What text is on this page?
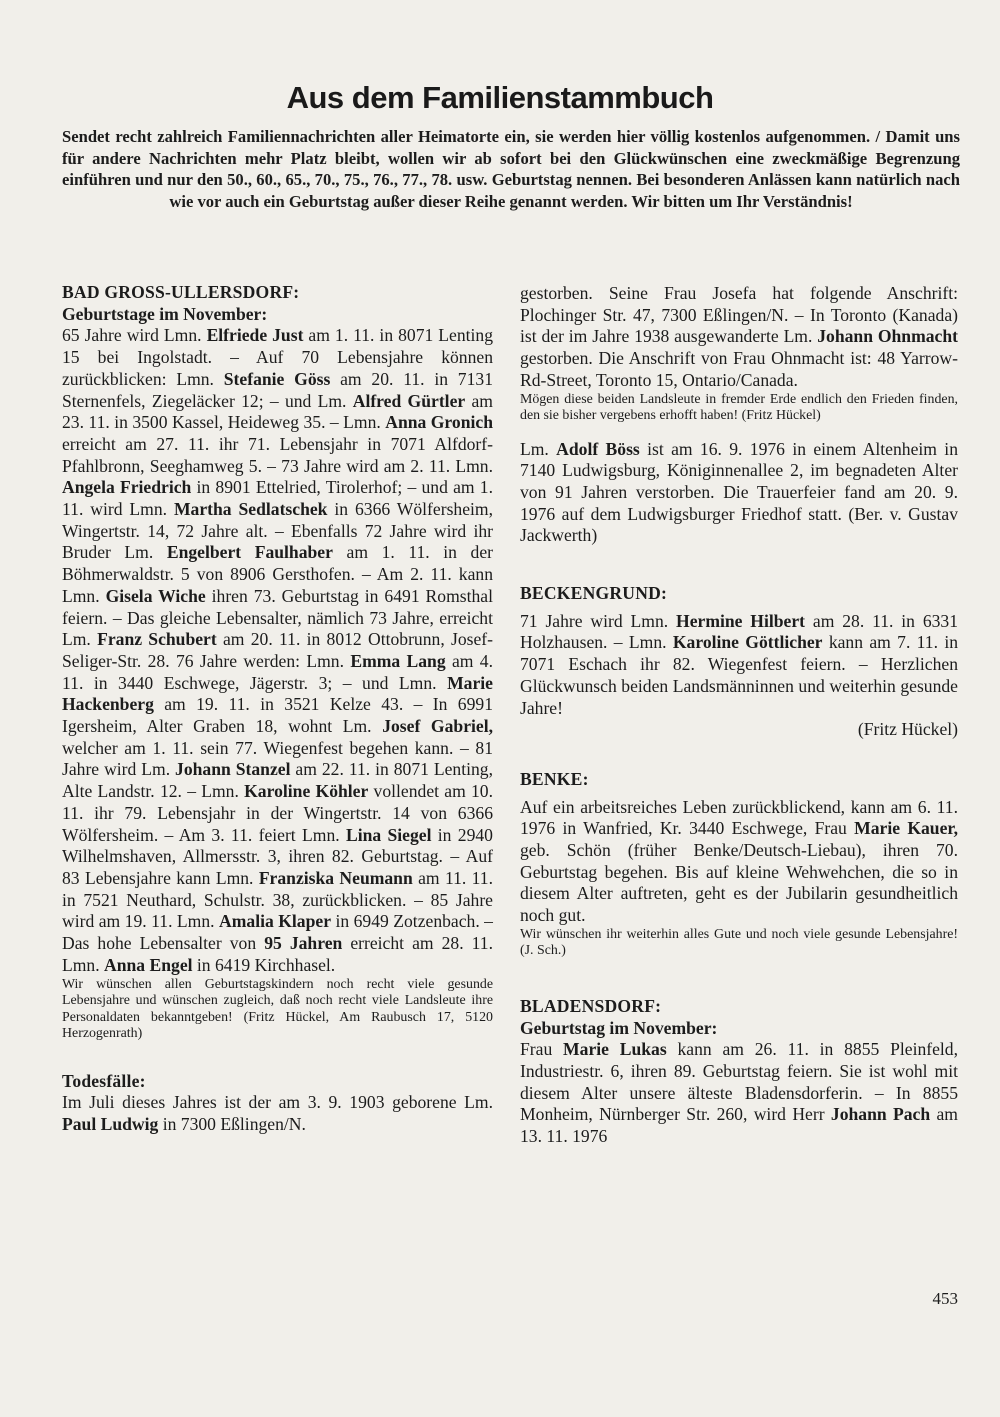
Aus dem Familienstammbuch

Sendet recht zahlreich Familiennachrichten aller Heimatorte ein, sie werden hier völlig kostenlos aufgenommen. / Damit uns für andere Nachrichten mehr Platz bleibt, wollen wir ab sofort bei den Glückwünschen eine zweckmäßige Begrenzung einführen und nur den 50., 60., 65., 70., 75., 76., 77., 78. usw. Geburtstag nennen. Bei besonderen Anlässen kann natürlich nach wie vor auch ein Geburtstag außer dieser Reihe genannt werden. Wir bitten um Ihr Verständnis!

BAD GROSS-ULLERSDORF:
Geburtstage im November:

65 Jahre wird Lmn. Elfriede Just am 1. 11. in 8071 Lenting 15 bei Ingolstadt. – Auf 70 Lebensjahre können zurückblicken: Lmn. Stefanie Göss am 20. 11. in 7131 Sternenfels, Ziegeläcker 12; – und Lm. Alfred Gürtler am 23. 11. in 3500 Kassel, Heideweg 35. – Lmn. Anna Gronich erreicht am 27. 11. ihr 71. Lebensjahr in 7071 Alfdorf-Pfahlbronn, Seeghamweg 5. – 73 Jahre wird am 2. 11. Lmn. Angela Friedrich in 8901 Ettelried, Tirolerhof; – und am 1. 11. wird Lmn. Martha Sedlatschek in 6366 Wölfersheim, Wingertstr. 14, 72 Jahre alt. – Ebenfalls 72 Jahre wird ihr Bruder Lm. Engelbert Faulhaber am 1. 11. in der Böhmerwaldstr. 5 von 8906 Gersthofen. – Am 2. 11. kann Lmn. Gisela Wiche ihren 73. Geburtstag in 6491 Romsthal feiern. – Das gleiche Lebensalter, nämlich 73 Jahre, erreicht Lm. Franz Schubert am 20. 11. in 8012 Ottobrunn, Josef-Seliger-Str. 28. 76 Jahre werden: Lmn. Emma Lang am 4. 11. in 3440 Eschwege, Jägerstr. 3; – und Lmn. Marie Hackenberg am 19. 11. in 3521 Kelze 43. – In 6991 Igersheim, Alter Graben 18, wohnt Lm. Josef Gabriel, welcher am 1. 11. sein 77. Wiegenfest begehen kann. – 81 Jahre wird Lm. Johann Stanzel am 22. 11. in 8071 Lenting, Alte Landstr. 12. – Lmn. Karoline Köhler vollendet am 10. 11. ihr 79. Lebensjahr in der Wingertstr. 14 von 6366 Wölfersheim. – Am 3. 11. feiert Lmn. Lina Siegel in 2940 Wilhelmshaven, Allmersstr. 3, ihren 82. Geburtstag. – Auf 83 Lebensjahre kann Lmn. Franziska Neumann am 11. 11. in 7521 Neuthard, Schulstr. 38, zurückblicken. – 85 Jahre wird am 19. 11. Lmn. Amalia Klaper in 6949 Zotzenbach. – Das hohe Lebensalter von 95 Jahren erreicht am 28. 11. Lmn. Anna Engel in 6419 Kirchhasel.

Wir wünschen allen Geburtstagskindern noch recht viele gesunde Lebensjahre und wünschen zugleich, daß noch recht viele Landsleute ihre Personaldaten bekanntgeben! (Fritz Hückel, Am Raubusch 17, 5120 Herzogenrath)

Todesfälle:

Im Juli dieses Jahres ist der am 3. 9. 1903 geborene Lm. Paul Ludwig in 7300 Eßlingen/N.

gestorben. Seine Frau Josefa hat folgende Anschrift: Plochinger Str. 47, 7300 Eßlingen/N. – In Toronto (Kanada) ist der im Jahre 1938 ausgewanderte Lm. Johann Ohnmacht gestorben. Die Anschrift von Frau Ohnmacht ist: 48 Yarrow-Rd-Street, Toronto 15, Ontario/Canada.

Mögen diese beiden Landsleute in fremder Erde endlich den Frieden finden, den sie bisher vergebens erhofft haben! (Fritz Hückel)

Lm. Adolf Böss ist am 16. 9. 1976 in einem Altenheim in 7140 Ludwigsburg, Königinnenallee 2, im begnadeten Alter von 91 Jahren verstorben. Die Trauerfeier fand am 20. 9. 1976 auf dem Ludwigsburger Friedhof statt. (Ber. v. Gustav Jackwerth)

BECKENGRUND:

71 Jahre wird Lmn. Hermine Hilbert am 28. 11. in 6331 Holzhausen. – Lmn. Karoline Göttlicher kann am 7. 11. in 7071 Eschach ihr 82. Wiegenfest feiern. – Herzlichen Glückwunsch beiden Landsmänninnen und weiterhin gesunde Jahre!

(Fritz Hückel)

BENKE:

Auf ein arbeitsreiches Leben zurückblickend, kann am 6. 11. 1976 in Wanfried, Kr. 3440 Eschwege, Frau Marie Kauer, geb. Schön (früher Benke/Deutsch-Liebau), ihren 70. Geburtstag begehen. Bis auf kleine Wehwehchen, die so in diesem Alter auftreten, geht es der Jubilarin gesundheitlich noch gut.

Wir wünschen ihr weiterhin alles Gute und noch viele gesunde Lebensjahre! (J. Sch.)

BLADENSDORF:
Geburtstag im November:

Frau Marie Lukas kann am 26. 11. in 8855 Pleinfeld, Industriestr. 6, ihren 89. Geburtstag feiern. Sie ist wohl mit diesem Alter unsere älteste Bladensdorferin. – In 8855 Monheim, Nürnberger Str. 260, wird Herr Johann Pach am 13. 11. 1976

453
